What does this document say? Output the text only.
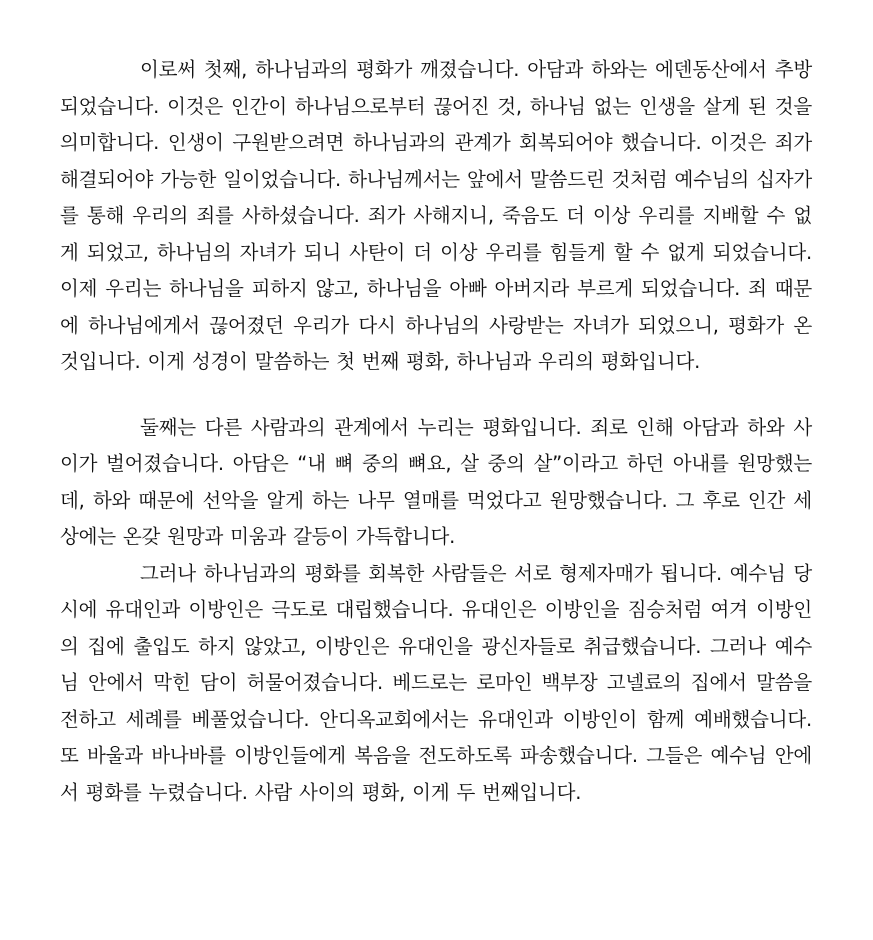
이로써 첫째, 하나님과의 평화가 깨졌습니다. 아담과 하와는 에덴동산에서 추방되었습니다. 이것은 인간이 하나님으로부터 끊어진 것, 하나님 없는 인생을 살게 된 것을 의미합니다. 인생이 구원받으려면 하나님과의 관계가 회복되어야 했습니다. 이것은 죄가 해결되어야 가능한 일이었습니다. 하나님께서는 앞에서 말씀드린 것처럼 예수님의 십자가를 통해 우리의 죄를 사하셨습니다. 죄가 사해지니, 죽음도 더 이상 우리를 지배할 수 없게 되었고, 하나님의 자녀가 되니 사탄이 더 이상 우리를 힘들게 할 수 없게 되었습니다. 이제 우리는 하나님을 피하지 않고, 하나님을 아빠 아버지라 부르게 되었습니다. 죄 때문에 하나님에게서 끊어졌던 우리가 다시 하나님의 사랑받는 자녀가 되었으니, 평화가 온 것입니다. 이게 성경이 말씀하는 첫 번째 평화, 하나님과 우리의 평화입니다.

둘째는 다른 사람과의 관계에서 누리는 평화입니다. 죄로 인해 아담과 하와 사이가 벌어졌습니다. 아담은 “내 뼈 중의 뼈요, 살 중의 살”이라고 하던 아내를 원망했는데, 하와 때문에 선악을 알게 하는 나무 열매를 먹었다고 원망했습니다. 그 후로 인간 세상에는 온갖 원망과 미움과 갈등이 가득합니다.

그러나 하나님과의 평화를 회복한 사람들은 서로 형제자매가 됩니다. 예수님 당시에 유대인과 이방인은 극도로 대립했습니다. 유대인은 이방인을 짐승처럼 여겨 이방인의 집에 출입도 하지 않았고, 이방인은 유대인을 광신자들로 취급했습니다. 그러나 예수님 안에서 막힌 담이 허물어졌습니다. 베드로는 로마인 백부장 고넬료의 집에서 말씀을 전하고 세례를 베풀었습니다. 안디옥교회에서는 유대인과 이방인이 함께 예배했습니다. 또 바울과 바나바를 이방인들에게 복음을 전도하도록 파송했습니다. 그들은 예수님 안에서 평화를 누렸습니다. 사람 사이의 평화, 이게 두 번째입니다.
